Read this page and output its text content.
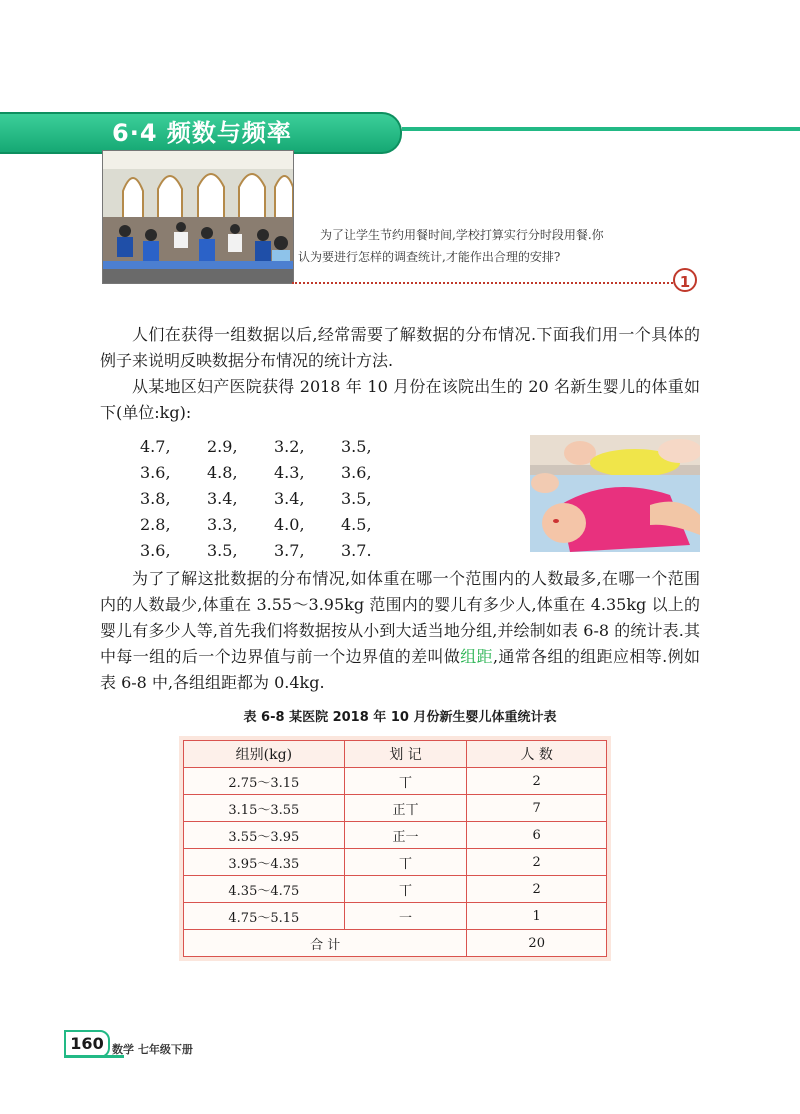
6·4 频数与频率

为了让学生节约用餐时间,学校打算实行分时段用餐.你

认为要进行怎样的调查统计,才能作出合理的安排?

1

人们在获得一组数据以后,经常需要了解数据的分布情况.下面我们用一个具体的例子来说明反映数据分布情况的统计方法.

从某地区妇产医院获得 2018 年 10 月份在该院出生的 20 名新生婴儿的体重如下(单位:kg):

4.7,	2.9,	3.2,	3.5,
3.6,	4.8,	4.3,	3.6,
3.8,	3.4,	3.4,	3.5,
2.8,	3.3,	4.0,	4.5,
3.6,	3.5,	3.7,	3.7.

为了了解这批数据的分布情况,如体重在哪一个范围内的人数最多,在哪一个范围内的人数最少,体重在 3.55～3.95kg 范围内的婴儿有多少人,体重在 4.35kg 以上的婴儿有多少人等,首先我们将数据按从小到大适当地分组,并绘制如表 6-8 的统计表.其中每一组的后一个边界值与前一个边界值的差叫做组距,通常各组的组距应相等.例如表 6-8 中,各组组距都为 0.4kg.

表 6-8 某医院 2018 年 10 月份新生婴儿体重统计表
组别(kg)	划 记	人 数
2.75～3.15	丅	2
3.15～3.55	正丅	7
3.55～3.95	正一	6
3.95～4.35	丅	2
4.35～4.75	丅	2
4.75～5.15	一	1
合 计		20
160 数学 七年级下册
